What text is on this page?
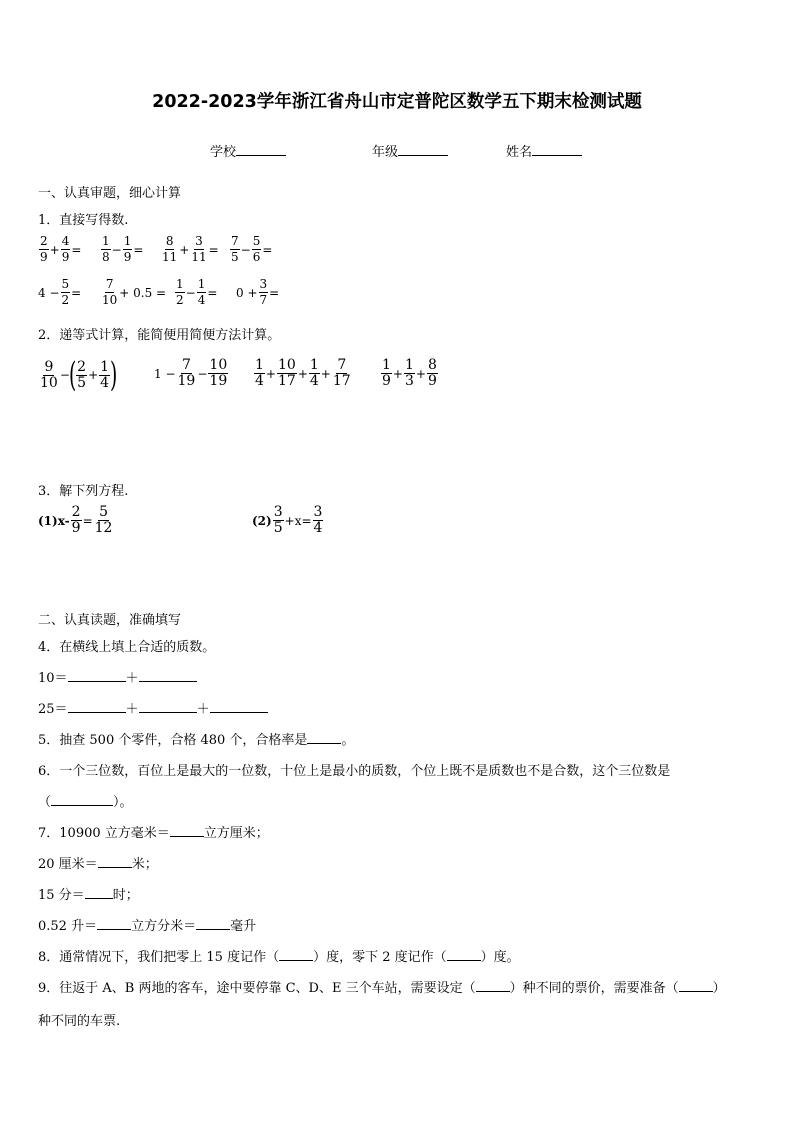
2022-2023学年浙江省舟山市定普陀区数学五下期末检测试题
学校	年级	姓名
一、认真审题，细心计算
1．直接写得数.
$\frac{2}{9} + \frac{4}{9} = \frac{1}{8} - \frac{1}{9} = \frac{8}{11} + \frac{3}{11} = \frac{7}{5} - \frac{5}{6}$ =
$4 - \frac{5}{2} = \frac{7}{10} + 0.5 = \frac{1}{2} - \frac{1}{4} = 0 + \frac{3}{7}$ =
2．递等式计算，能简便用简便方法计算。
$\frac{9}{10}$ −
( $\frac{2}{5} + \frac{1}{4}$ )	$1 - \frac{7}{19} - \frac{10}{19} \frac{1}{4} + \frac{10}{17} + \frac{1}{4} + \frac{7}{17} \frac{1}{9} + \frac{1}{3} + \frac{8}{9}$
3．解下列方程.
$(1)x- \frac{2}{9} = \frac{5}{12}$	$(2) \frac{3}{5} +x= \frac{3}{4}$
二、认真读题，准确填写
4．在横线上填上合适的质数。
10＝	＋
25＝	＋	＋
5．抽查 500 个零件，合格 480 个，合格率是	。
6．一个三位数，百位上是最大的一位数，十位上是最小的质数，个位上既不是质数也不是合数，这个三位数是
（	）。
7．10900 立方毫米＝	立方厘米；
20 厘米＝	米；
15 分＝ 时；
0.52 升＝	立方分米＝	毫升
8．通常情况下，我们把零上 15 度记作（	）度，零下 2 度记作（	）度。
9．往返于 A、B 两地的客车，途中要停靠 C、D、E 三个车站，需要设定（	）种不同的票价，需要准备（	）
种不同的车票.
